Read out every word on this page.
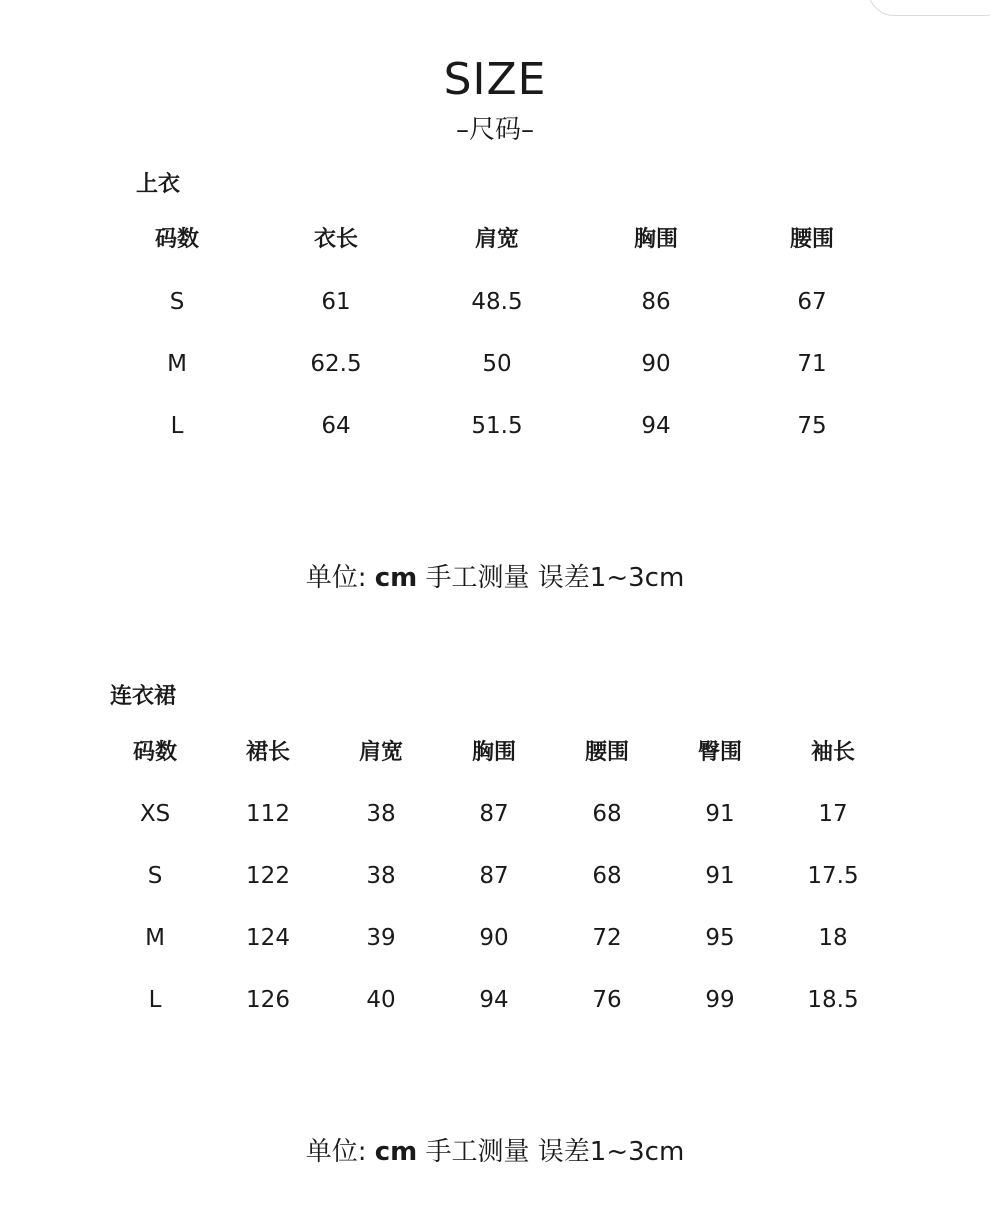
SIZE
–尺码–
上衣
码数	衣长	肩宽	胸围	腰围
S	61	48.5	86	67
M	62.5	50	90	71
L	64	51.5	94	75
单位: cm 手工测量 误差1~3cm
连衣裙
码数	裙长	肩宽	胸围	腰围	臀围	袖长
XS	112	38	87	68	91	17
S	122	38	87	68	91	17.5
M	124	39	90	72	95	18
L	126	40	94	76	99	18.5
单位: cm 手工测量 误差1~3cm
